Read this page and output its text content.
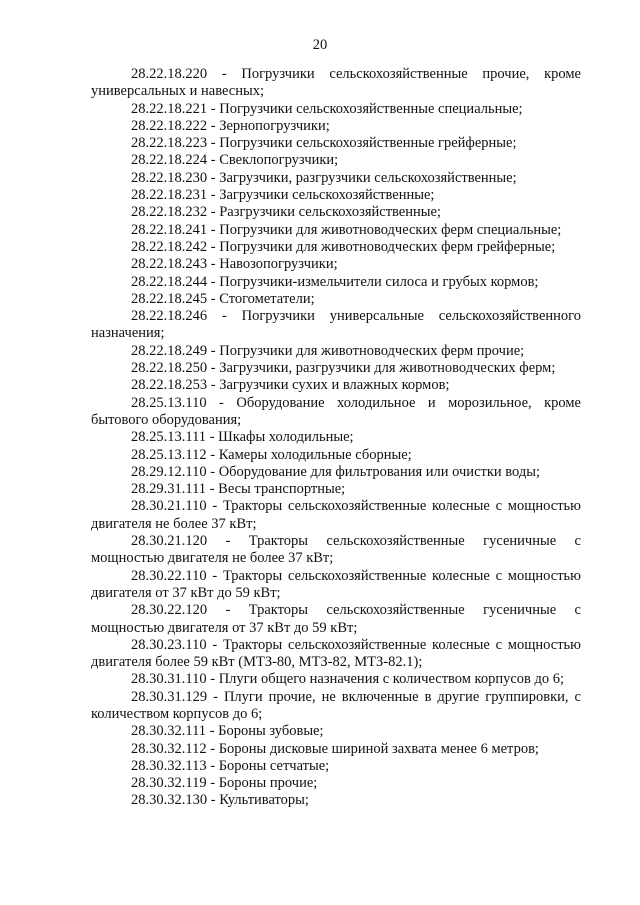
20

28.22.18.220 - Погрузчики сельскохозяйственные прочие, кроме универсальных и навесных;

28.22.18.221 - Погрузчики сельскохозяйственные специальные;

28.22.18.222 - Зернопогрузчики;

28.22.18.223 - Погрузчики сельскохозяйственные грейферные;

28.22.18.224 - Свеклопогрузчики;

28.22.18.230 - Загрузчики, разгрузчики сельскохозяйственные;

28.22.18.231 - Загрузчики сельскохозяйственные;

28.22.18.232 - Разгрузчики сельскохозяйственные;

28.22.18.241 - Погрузчики для животноводческих ферм специальные;

28.22.18.242 - Погрузчики для животноводческих ферм грейферные;

28.22.18.243 - Навозопогрузчики;

28.22.18.244 - Погрузчики-измельчители силоса и грубых кормов;

28.22.18.245 - Стогометатели;

28.22.18.246 - Погрузчики универсальные сельскохозяйственного назначения;

28.22.18.249 - Погрузчики для животноводческих ферм прочие;

28.22.18.250 - Загрузчики, разгрузчики для животноводческих ферм;

28.22.18.253 - Загрузчики сухих и влажных кормов;

28.25.13.110 - Оборудование холодильное и морозильное, кроме бытового оборудования;

28.25.13.111 - Шкафы холодильные;

28.25.13.112 - Камеры холодильные сборные;

28.29.12.110 - Оборудование для фильтрования или очистки воды;

28.29.31.111 - Весы транспортные;

28.30.21.110 - Тракторы сельскохозяйственные колесные с мощностью двигателя не более 37 кВт;

28.30.21.120 - Тракторы сельскохозяйственные гусеничные с мощностью двигателя не более 37 кВт;

28.30.22.110 - Тракторы сельскохозяйственные колесные с мощностью двигателя от 37 кВт до 59 кВт;

28.30.22.120 - Тракторы сельскохозяйственные гусеничные с мощностью двигателя от 37 кВт до 59 кВт;

28.30.23.110 - Тракторы сельскохозяйственные колесные с мощностью двигателя более 59 кВт (МТЗ-80, МТЗ-82, МТЗ-82.1);

28.30.31.110 - Плуги общего назначения с количеством корпусов до 6;

28.30.31.129 - Плуги прочие, не включенные в другие группировки, с количеством корпусов до 6;

28.30.32.111 - Бороны зубовые;

28.30.32.112 - Бороны дисковые шириной захвата менее 6 метров;

28.30.32.113 - Бороны сетчатые;

28.30.32.119 - Бороны прочие;

28.30.32.130 - Культиваторы;
